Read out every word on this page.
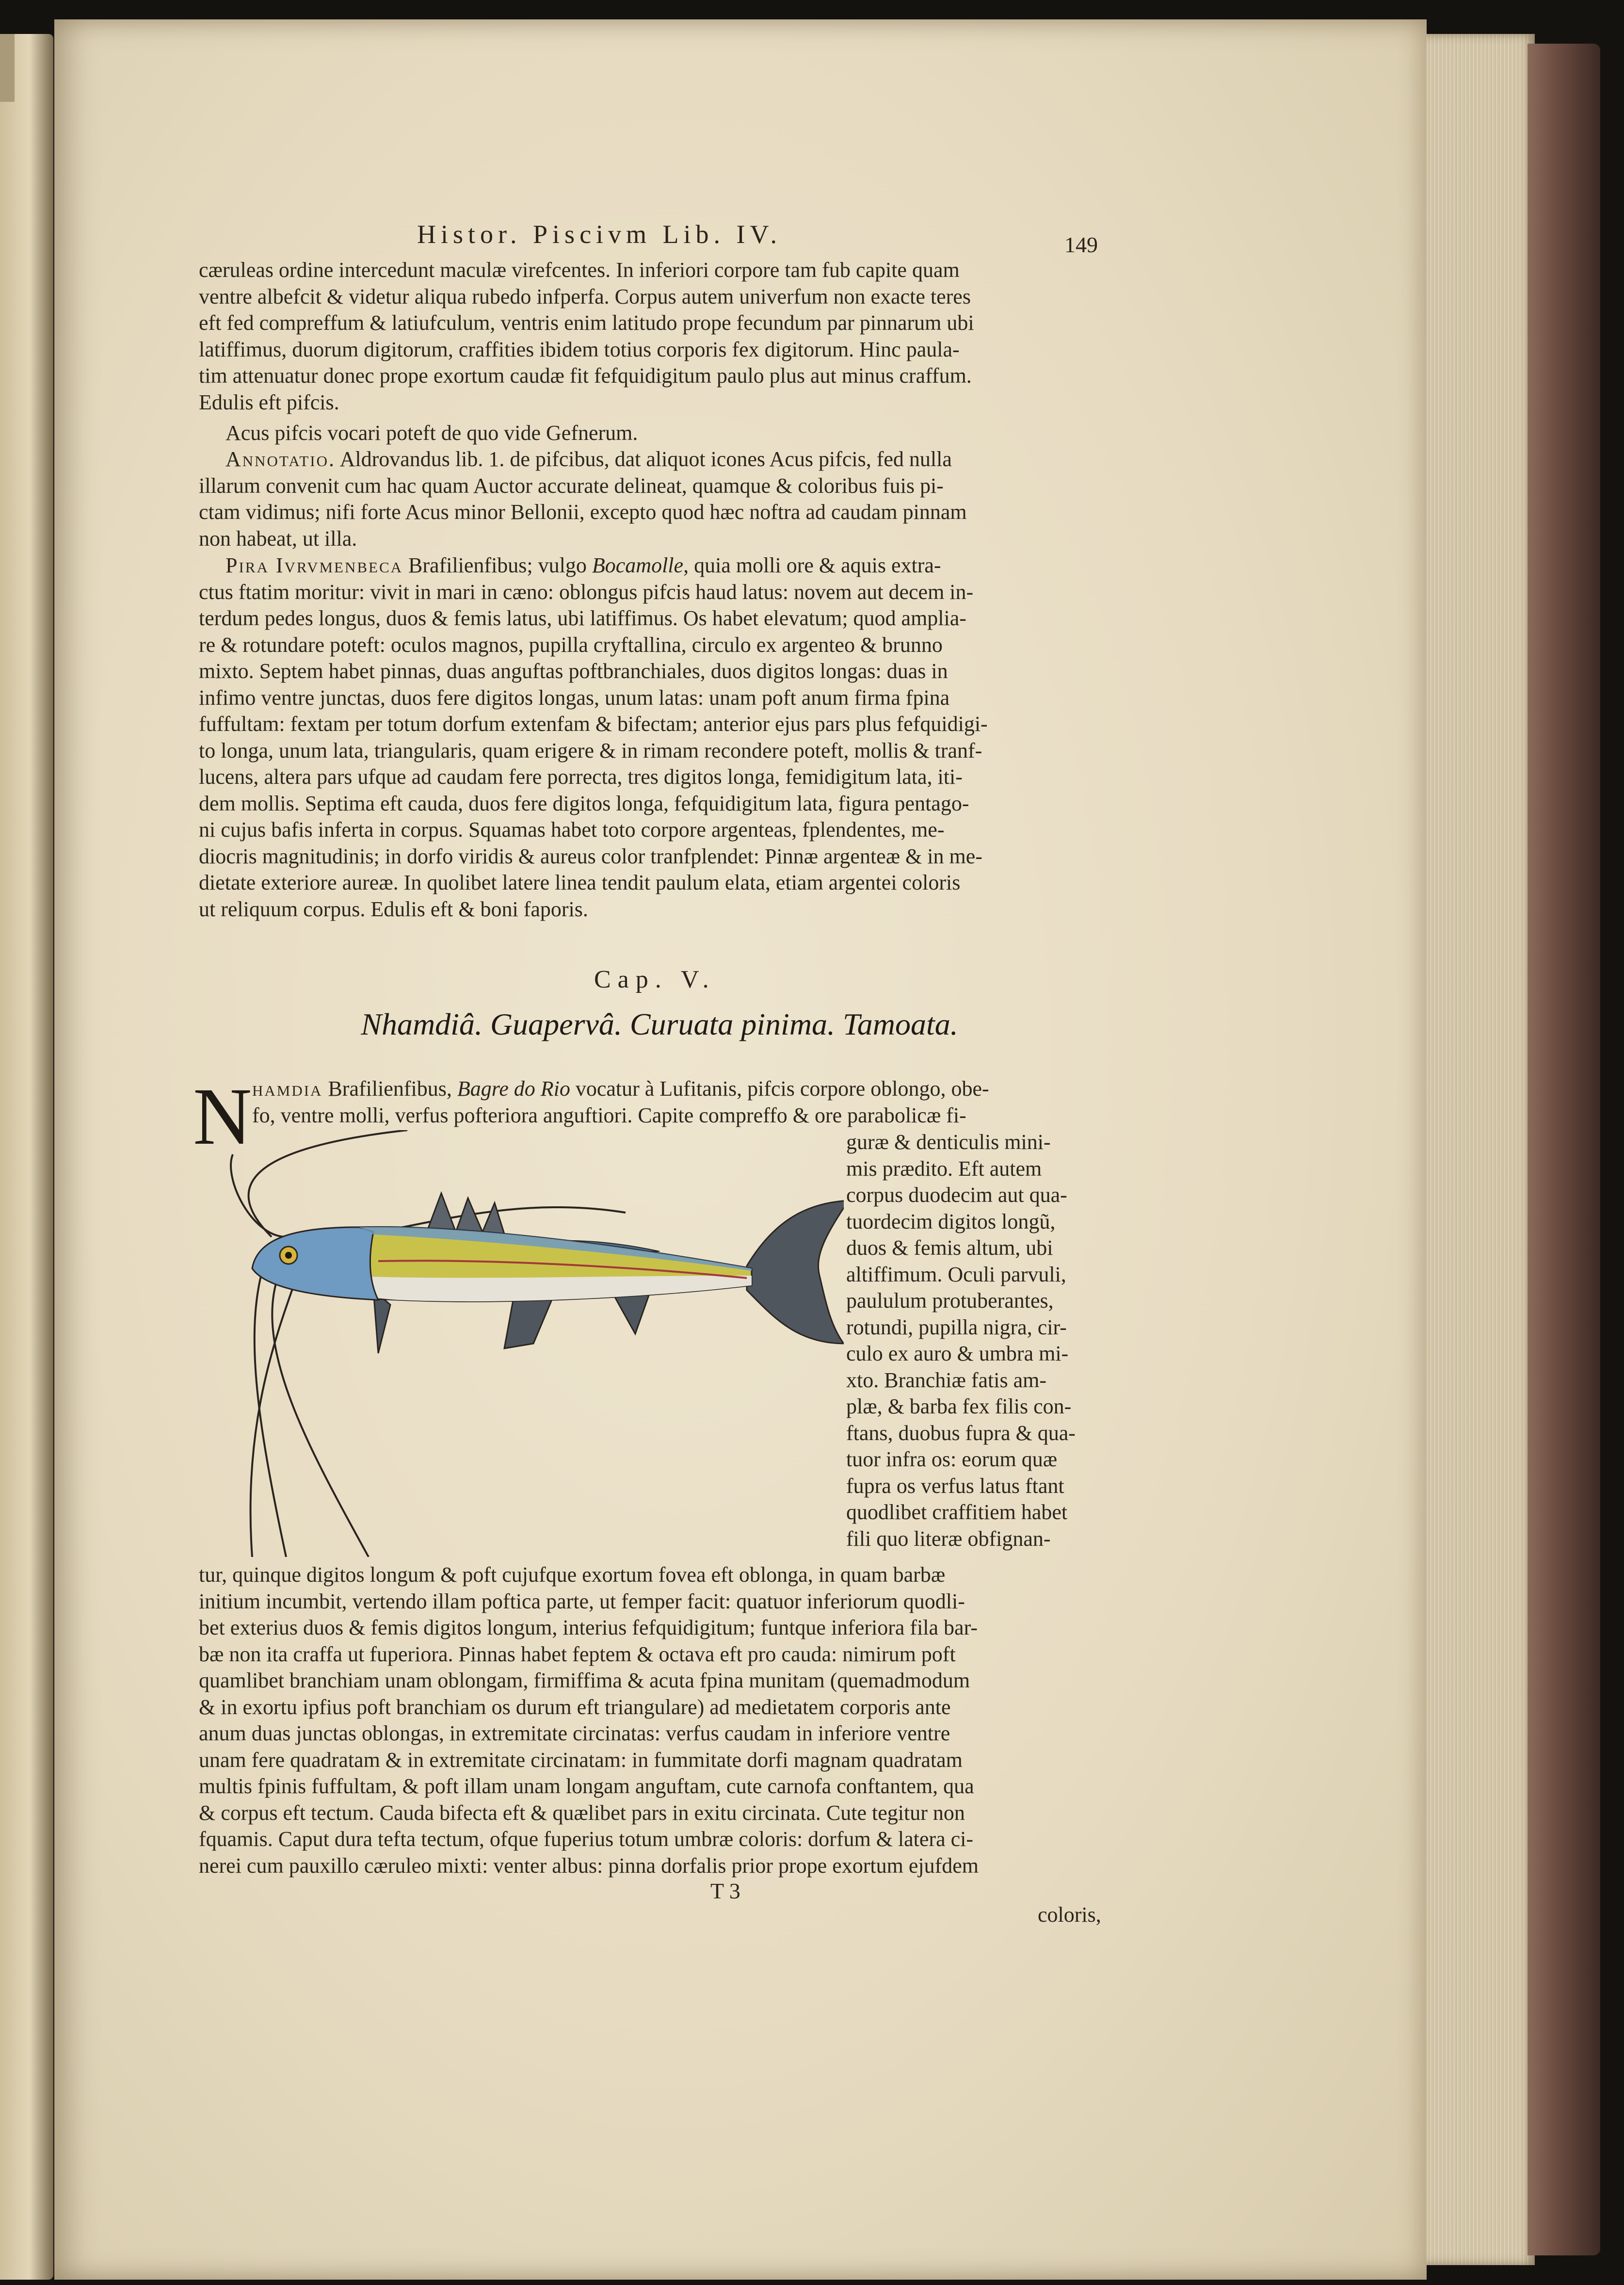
Histor. Piscivm Lib. IV.	149

cæruleas ordine intercedunt maculæ virefcentes. In inferiori corpore tam fub capite quam

ventre albefcit & videtur aliqua rubedo infperfa. Corpus autem univerfum non exacte teres

eft fed compreffum & latiufculum, ventris enim latitudo prope fecundum par pinnarum ubi

latiffimus, duorum digitorum, craffities ibidem totius corporis fex digitorum. Hinc paula-

tim attenuatur donec prope exortum caudæ fit fefquidigitum paulo plus aut minus craffum.

Edulis eft pifcis.

Acus pifcis vocari poteft de quo vide Gefnerum.

Annotatio. Aldrovandus lib. 1. de pifcibus, dat aliquot icones Acus pifcis, fed nulla

illarum convenit cum hac quam Auctor accurate delineat, quamque & coloribus fuis pi-

ctam vidimus; nifi forte Acus minor Bellonii, excepto quod hæc noftra ad caudam pinnam

non habeat, ut illa.

Pira Ivrvmenbeca Brafilienfibus; vulgo Bocamolle, quia molli ore & aquis extra-

ctus ftatim moritur: vivit in mari in cæno: oblongus pifcis haud latus: novem aut decem in-

terdum pedes longus, duos & femis latus, ubi latiffimus. Os habet elevatum; quod amplia-

re & rotundare poteft: oculos magnos, pupilla cryftallina, circulo ex argenteo & brunno

mixto. Septem habet pinnas, duas anguftas poftbranchiales, duos digitos longas: duas in

infimo ventre junctas, duos fere digitos longas, unum latas: unam poft anum firma fpina

fuffultam: fextam per totum dorfum extenfam & bifectam; anterior ejus pars plus fefquidigi-

to longa, unum lata, triangularis, quam erigere & in rimam recondere poteft, mollis & tranf-

lucens, altera pars ufque ad caudam fere porrecta, tres digitos longa, femidigitum lata, iti-

dem mollis. Septima eft cauda, duos fere digitos longa, fefquidigitum lata, figura pentago-

ni cujus bafis inferta in corpus. Squamas habet toto corpore argenteas, fplendentes, me-

diocris magnitudinis; in dorfo viridis & aureus color tranfplendet: Pinnæ argenteæ & in me-

dietate exteriore aureæ. In quolibet latere linea tendit paulum elata, etiam argentei coloris

ut reliquum corpus. Edulis eft & boni faporis.

Cap. V.
Nhamdiâ. Guapervâ. Curuata pinima. Tamoata.
N hamdia Brafilienfibus, Bagre do Rio vocatur à Lufitanis, pifcis corpore oblongo, obe-

fo, ventre molli, verfus pofteriora anguftiori. Capite compreffo & ore parabolicæ fi-

guræ & denticulis mini-

mis prædito. Eft autem

corpus duodecim aut qua-

tuordecim digitos longũ,

duos & femis altum, ubi

altiffimum. Oculi parvuli,

paululum protuberantes,

rotundi, pupilla nigra, cir-

culo ex auro & umbra mi-

xto. Branchiæ fatis am-

plæ, & barba fex filis con-

ftans, duobus fupra & qua-

tuor infra os: eorum quæ

fupra os verfus latus ftant

quodlibet craffitiem habet

fili quo literæ obfignan-

tur, quinque digitos longum & poft cujufque exortum fovea eft oblonga, in quam barbæ

initium incumbit, vertendo illam poftica parte, ut femper facit: quatuor inferiorum quodli-

bet exterius duos & femis digitos longum, interius fefquidigitum; funtque inferiora fila bar-

bæ non ita craffa ut fuperiora. Pinnas habet feptem & octava eft pro cauda: nimirum poft

quamlibet branchiam unam oblongam, firmiffima & acuta fpina munitam (quemadmodum

& in exortu ipfius poft branchiam os durum eft triangulare) ad medietatem corporis ante

anum duas junctas oblongas, in extremitate circinatas: verfus caudam in inferiore ventre

unam fere quadratam & in extremitate circinatam: in fummitate dorfi magnam quadratam

multis fpinis fuffultam, & poft illam unam longam anguftam, cute carnofa conftantem, qua

& corpus eft tectum. Cauda bifecta eft & quælibet pars in exitu circinata. Cute tegitur non

fquamis. Caput dura tefta tectum, ofque fuperius totum umbræ coloris: dorfum & latera ci-

nerei cum pauxillo cæruleo mixti: venter albus: pinna dorfalis prior prope exortum ejufdem

T 3
coloris,
